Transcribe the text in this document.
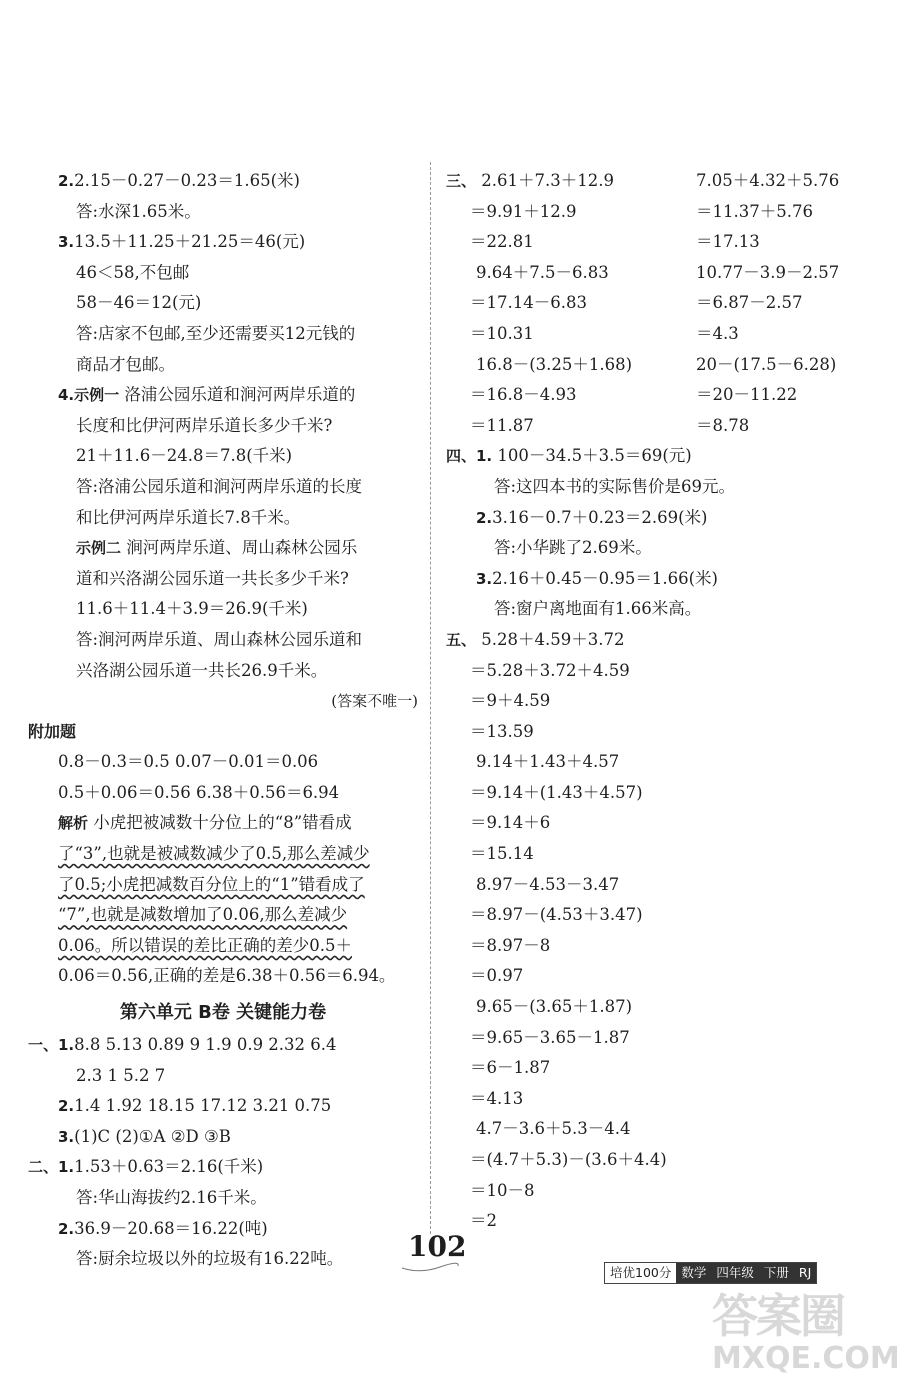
2.2.15－0.27－0.23＝1.65(米)
答:水深1.65米。
3.13.5＋11.25＋21.25＝46(元)
46＜58,不包邮
58－46＝12(元)
答:店家不包邮,至少还需要买12元钱的
商品才包邮。
4.示例一 洛浦公园乐道和涧河两岸乐道的
长度和比伊河两岸乐道长多少千米?
21＋11.6－24.8＝7.8(千米)
答:洛浦公园乐道和涧河两岸乐道的长度
和比伊河两岸乐道长7.8千米。
示例二 涧河两岸乐道、周山森林公园乐
道和兴洛湖公园乐道一共长多少千米?
11.6＋11.4＋3.9＝26.9(千米)
答:涧河两岸乐道、周山森林公园乐道和
兴洛湖公园乐道一共长26.9千米。
(答案不唯一)
附加题
0.8－0.3＝0.5 0.07－0.01＝0.06
0.5＋0.06＝0.56 6.38＋0.56＝6.94
解析 小虎把被减数十分位上的“8”错看成
了“3”,也就是被减数减少了0.5,那么差减少
了0.5;小虎把减数百分位上的“1”错看成了
“7”,也就是减数增加了0.06,那么差减少
0.06。所以错误的差比正确的差少0.5＋
0.06＝0.56,正确的差是6.38＋0.56＝6.94。
第六单元 B卷 关键能力卷
一、1.8.8 5.13 0.89 9 1.9 0.9 2.32 6.4
2.3 1 5.2 7
2.1.4 1.92 18.15 17.12 3.21 0.75
3.(1)C (2)①A ②D ③B
二、1.1.53＋0.63＝2.16(千米)
答:华山海拔约2.16千米。
2.36.9－20.68＝16.22(吨)
答:厨余垃圾以外的垃圾有16.22吨。
三、 2.61＋7.3＋12.9	7.05＋4.32＋5.76
＝9.91＋12.9	＝11.37＋5.76
＝22.81	＝17.13
9.64＋7.5－6.83	10.77－3.9－2.57
＝17.14－6.83	＝6.87－2.57
＝10.31	＝4.3
16.8－(3.25＋1.68)	20－(17.5－6.28)
＝16.8－4.93	＝20－11.22
＝11.87	＝8.78
四、1. 100－34.5＋3.5＝69(元)
答:这四本书的实际售价是69元。
2.3.16－0.7＋0.23＝2.69(米)
答:小华跳了2.69米。
3.2.16＋0.45－0.95＝1.66(米)
答:窗户离地面有1.66米高。
五、 5.28＋4.59＋3.72
＝5.28＋3.72＋4.59
＝9＋4.59
＝13.59
9.14＋1.43＋4.57
＝9.14＋(1.43＋4.57)
＝9.14＋6
＝15.14
8.97－4.53－3.47
＝8.97－(4.53＋3.47)
＝8.97－8
＝0.97
9.65－(3.65＋1.87)
＝9.65－3.65－1.87
＝6－1.87
＝4.13
4.7－3.6＋5.3－4.4
＝(4.7＋5.3)－(3.6＋4.4)
＝10－8
＝2
102
培优100分 数学 四年级 下册 RJ
答案圈
MXQE.COM
